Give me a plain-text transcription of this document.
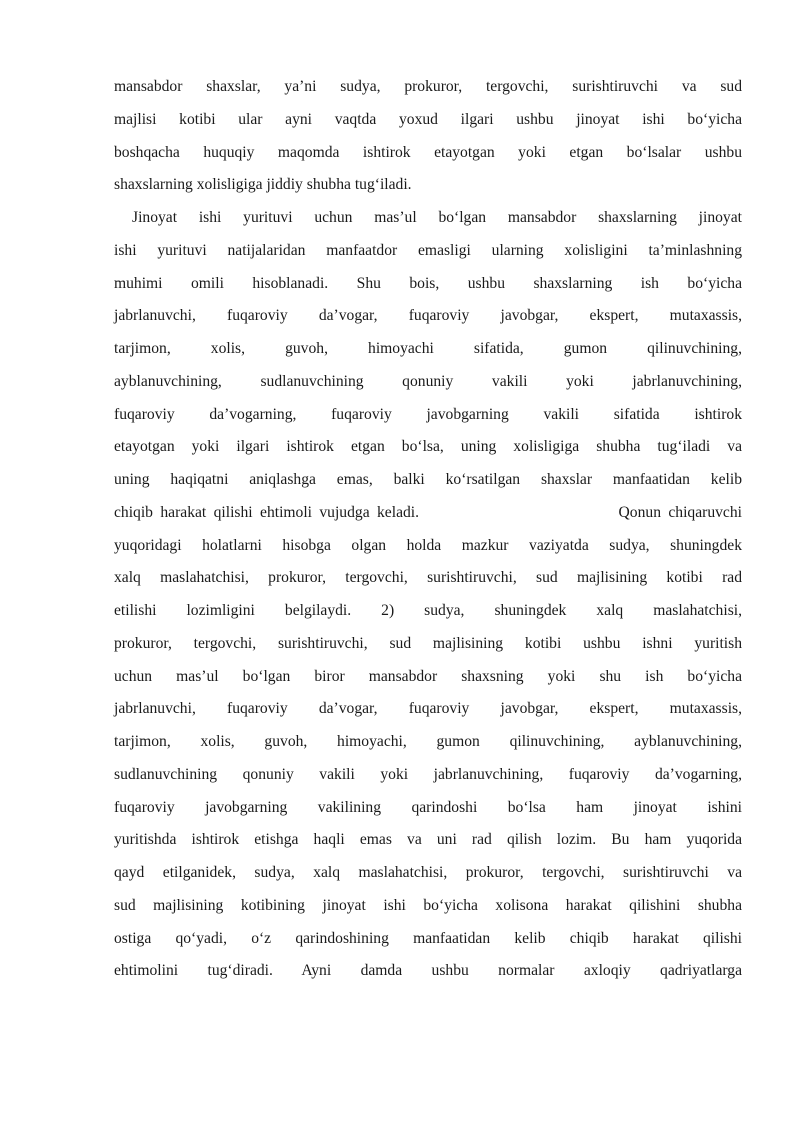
mansabdor shaxslar, ya’ni sudya, prokuror, tergovchi, surishtiruvchi va sud
majlisi kotibi ular ayni vaqtda yoxud ilgari ushbu jinoyat ishi bo‘yicha
boshqacha huquqiy maqomda ishtirok etayotgan yoki etgan bo‘lsalar ushbu
shaxslarning xolisligiga jiddiy shubha tug‘iladi.
Jinoyat ishi yurituvi uchun mas’ul bo‘lgan mansabdor shaxslarning jinoyat
ishi yurituvi natijalaridan manfaatdor emasligi ularning xolisligini ta’minlashning
muhimi omili hisoblanadi. Shu bois, ushbu shaxslarning ish bo‘yicha
jabrlanuvchi, fuqaroviy da’vogar, fuqaroviy javobgar, ekspert, mutaxassis,
tarjimon, xolis, guvoh, himoyachi sifatida, gumon qilinuvchining,
ayblanuvchining, sudlanuvchining qonuniy vakili yoki jabrlanuvchining,
fuqaroviy da’vogarning, fuqaroviy javobgarning vakili sifatida ishtirok
etayotgan yoki ilgari ishtirok etgan bo‘lsa, uning xolisligiga shubha tug‘iladi va
uning haqiqatni aniqlashga emas, balki ko‘rsatilgan shaxslar manfaatidan kelib
chiqib harakat qilishi ehtimoli vujudga keladi.                           Qonun chiqaruvchi
yuqoridagi holatlarni hisobga olgan holda mazkur vaziyatda sudya, shuningdek
xalq maslahatchisi, prokuror, tergovchi, surishtiruvchi, sud majlisining kotibi rad
etilishi lozimligini belgilaydi. 2) sudya, shuningdek xalq maslahatchisi,
prokuror, tergovchi, surishtiruvchi, sud majlisining kotibi ushbu ishni yuritish
uchun mas’ul bo‘lgan biror mansabdor shaxsning yoki shu ish bo‘yicha
jabrlanuvchi, fuqaroviy da’vogar, fuqaroviy javobgar, ekspert, mutaxassis,
tarjimon, xolis, guvoh, himoyachi, gumon qilinuvchining, ayblanuvchining,
sudlanuvchining qonuniy vakili yoki jabrlanuvchining, fuqaroviy da’vogarning,
fuqaroviy javobgarning vakilining qarindoshi bo‘lsa ham jinoyat ishini
yuritishda ishtirok etishga haqli emas va uni rad qilish lozim. Bu ham yuqorida
qayd etilganidek, sudya, xalq maslahatchisi, prokuror, tergovchi, surishtiruvchi va
sud majlisining kotibining jinoyat ishi bo‘yicha xolisona harakat qilishini shubha
ostiga qo‘yadi, o‘z qarindoshining manfaatidan kelib chiqib harakat qilishi
ehtimolini tug‘diradi. Ayni damda ushbu normalar axloqiy qadriyatlarga
